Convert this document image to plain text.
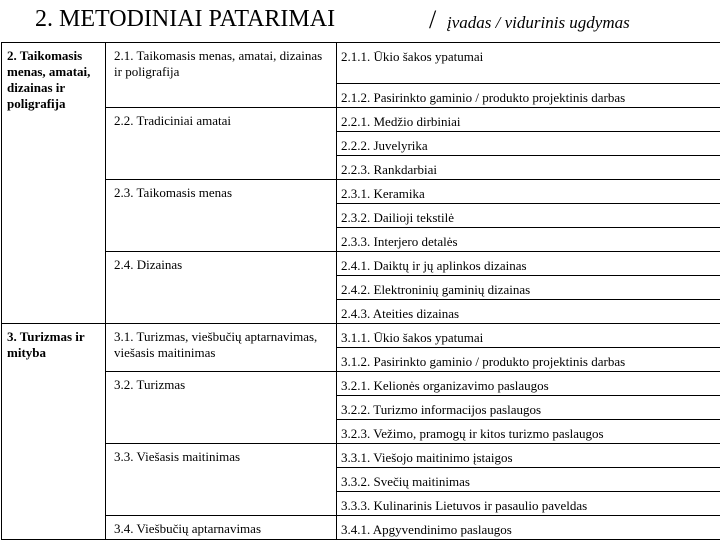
2. METODINIAI PATARIMAI	/ įvadas / vidurinis ugdymas
2. Taikomasis menas, amatai, dizainas ir poligrafija	2.1. Taikomasis menas, amatai, dizainas ir poligrafija	2.1.1. Ūkio šakos ypatumai

		2.1.2. Pasirinkto gaminio / produkto projektinis darbas

	2.2. Tradiciniai amatai	2.2.1. Medžio dirbiniai

		2.2.2. Juvelyrika

		2.2.3. Rankdarbiai

	2.3. Taikomasis menas	2.3.1. Keramika

		2.3.2. Dailioji tekstilė

		2.3.3. Interjero detalės

	2.4. Dizainas	2.4.1. Daiktų ir jų aplinkos dizainas

		2.4.2. Elektroninių gaminių dizainas

		2.4.3. Ateities dizainas

3. Turizmas ir mityba	3.1. Turizmas, viešbučių aptarnavimas, viešasis maitinimas	3.1.1. Ūkio šakos ypatumai

		3.1.2. Pasirinkto gaminio / produkto projektinis darbas

	3.2. Turizmas	3.2.1. Kelionės organizavimo paslaugos

		3.2.2. Turizmo informacijos paslaugos

		3.2.3. Vežimo, pramogų ir kitos turizmo paslaugos

	3.3. Viešasis maitinimas	3.3.1. Viešojo maitinimo įstaigos

		3.3.2. Svečių maitinimas

		3.3.3. Kulinarinis Lietuvos ir pasaulio paveldas

	3.4. Viešbučių aptarnavimas	3.4.1. Apgyvendinimo paslaugos
